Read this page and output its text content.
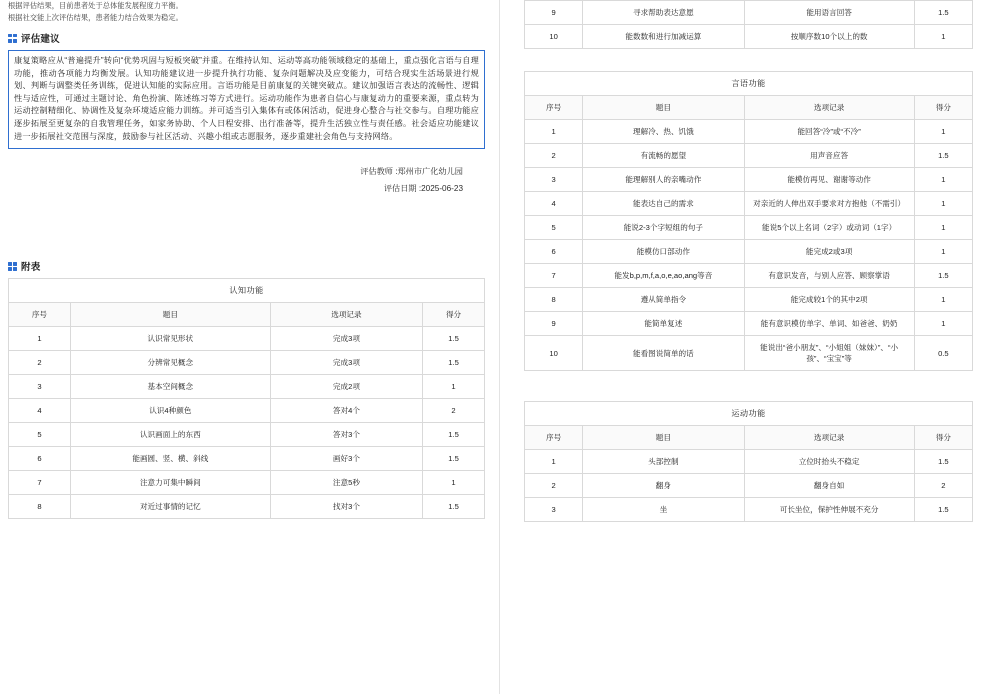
根据评估结果，目前患者处于总体能发展程度力平衡。
根据社交能上次评估结果，患者能力结合效果为稳定。
评估建议
康复策略应从“普遍提升”转向“优势巩固与短板突破”并重。在维持认知、运动等高功能领域稳定的基础上，重点强化言语与自理功能，推动各项能力均衡发展。认知功能建议进一步提升执行功能、复杂问题解决及应变能力，可结合现实生活场景进行规划、判断与调整类任务训练，促进认知能的实际应用。言语功能是目前康复的关键突破点。建议加强语言表达的流畅性、逻辑性与适应性，可通过主题讨论、角色扮演、陈述练习等方式进行。运动功能作为患者自信心与康复动力的重要来源，重点转为运动控制精细化、协调性及复杂环境适应能力训练。并可适当引入集体有或体闲活动，促进身心整合与社交参与。自理功能应逐步拓展至更复杂的自我管理任务，如家务协助、个人日程安排、出行准备等，提升生活独立性与责任感。社会适应功能建议进一步拓展社交范围与深度，鼓励参与社区活动、兴趣小组或志愿服务，逐步重建社会角色与支持网络。
评估教师 :郑州市广化幼儿园
评估日期 :2025-06-23
附表
认知功能
序号	题目	选项记录	得分
1	认识常见形状	完成3项	1.5
2	分辨常见概念	完成3项	1.5
3	基本空间概念	完成2项	1
4	认识4种颜色	答对4个	2
5	认识画面上的东西	答对3个	1.5
6	能画圆、竖、横、斜线	画好3个	1.5
7	注意力可集中瞬间	注意5秒	1
8	对近过事情的记忆	找对3个	1.5
9	寻求帮助表达意愿	能用语言回答	1.5
10	能数数和进行加减运算	按顺序数10个以上的数	1
言语功能
序号	题目	选项记录	得分
1	理解冷、热、饥饿	能回答“冷”或“不冷”	1
2	有流畅的愿望	用声音应答	1.5
3	能理解别人的亲嘴动作	能模仿再见、谢谢等动作	1
4	能表达自己的需求	对亲近的人伸出双手要求对方抱他（不需引）	1
5	能说2-3个字短组的句子	能说5个以上名词（2字）或动词（1字）	1
6	能模仿口部动作	能完成2或3项	1
7	能发b,p,m,f,a,o,e,ao,ang等音	有意识发音，与别人应答、顾察掌语	1.5
8	遵从简单指令	能完成较1个的其中2项	1
9	能简单复述	能有意识模仿单字、单词、如爸爸、奶奶	1
10	能看图说简单的话	能说出“爸小朋友”、“小姐姐（妹妹）”、“小孩”、“宝宝”等	0.5
运动功能
序号	题目	选项记录	得分
1	头部控制	立位时抬头不稳定	1.5
2	翻身	翻身自如	2
3	坐	可长坐位，保护性伸展不充分	1.5
